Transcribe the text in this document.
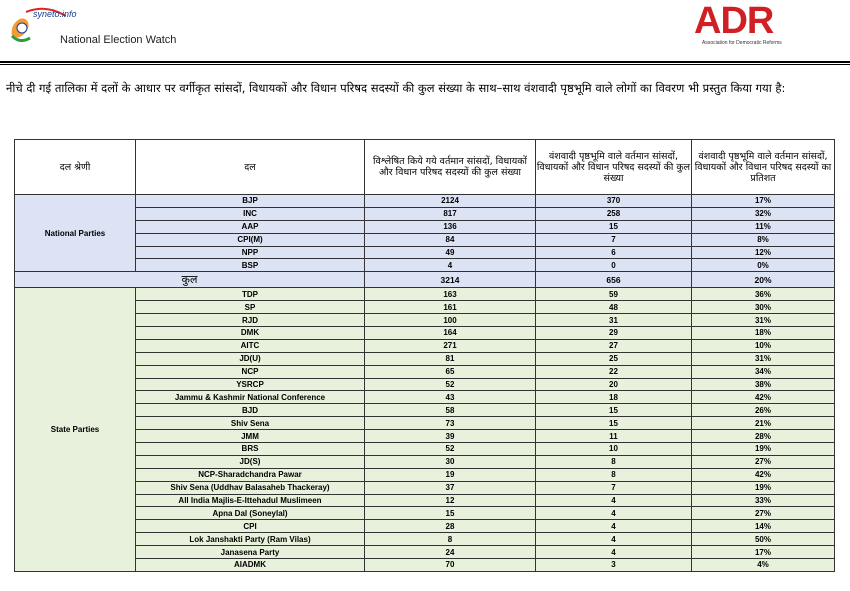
syneto.info
National Election Watch	ADR
Association for Democratic Reforms
नीचे दी गई तालिका में दलों के आधार पर वर्गीकृत सांसदों, विधायकों और विधान परिषद सदस्यों की कुल संख्या के साथ–साथ वंशवादी पृष्ठभूमि वाले लोगों का विवरण भी प्रस्तुत किया गया है:
दल श्रेणी	दल	विश्लेषित किये गये वर्तमान सांसदों, विधायकों और विधान परिषद सदस्यों की कुल संख्या	वंशवादी पृष्ठभूमि वाले वर्तमान सांसदों, विधायकों और विधान परिषद सदस्यों की कुल संख्या	वंशवादी पृष्ठभूमि वाले वर्तमान सांसदों, विधायकों और विधान परिषद सदस्यों का प्रतिशत
National Parties	BJP	2124	370	17%
	INC	817	258	32%
	AAP	136	15	11%
	CPI(M)	84	7	8%
	NPP	49	6	12%
	BSP	4	0	0%
कुल		3214	656	20%
State Parties	TDP	163	59	36%
	SP	161	48	30%
	RJD	100	31	31%
	DMK	164	29	18%
	AITC	271	27	10%
	JD(U)	81	25	31%
	NCP	65	22	34%
	YSRCP	52	20	38%
	Jammu & Kashmir National Conference	43	18	42%
	BJD	58	15	26%
	Shiv Sena	73	15	21%
	JMM	39	11	28%
	BRS	52	10	19%
	JD(S)	30	8	27%
	NCP-Sharadchandra Pawar	19	8	42%
	Shiv Sena (Uddhav Balasaheb Thackeray)	37	7	19%
	All India Majlis-E-Ittehadul Muslimeen	12	4	33%
	Apna Dal (Soneylal)	15	4	27%
	CPI	28	4	14%
	Lok Janshakti Party (Ram Vilas)	8	4	50%
	Janasena Party	24	4	17%
	AIADMK	70	3	4%
